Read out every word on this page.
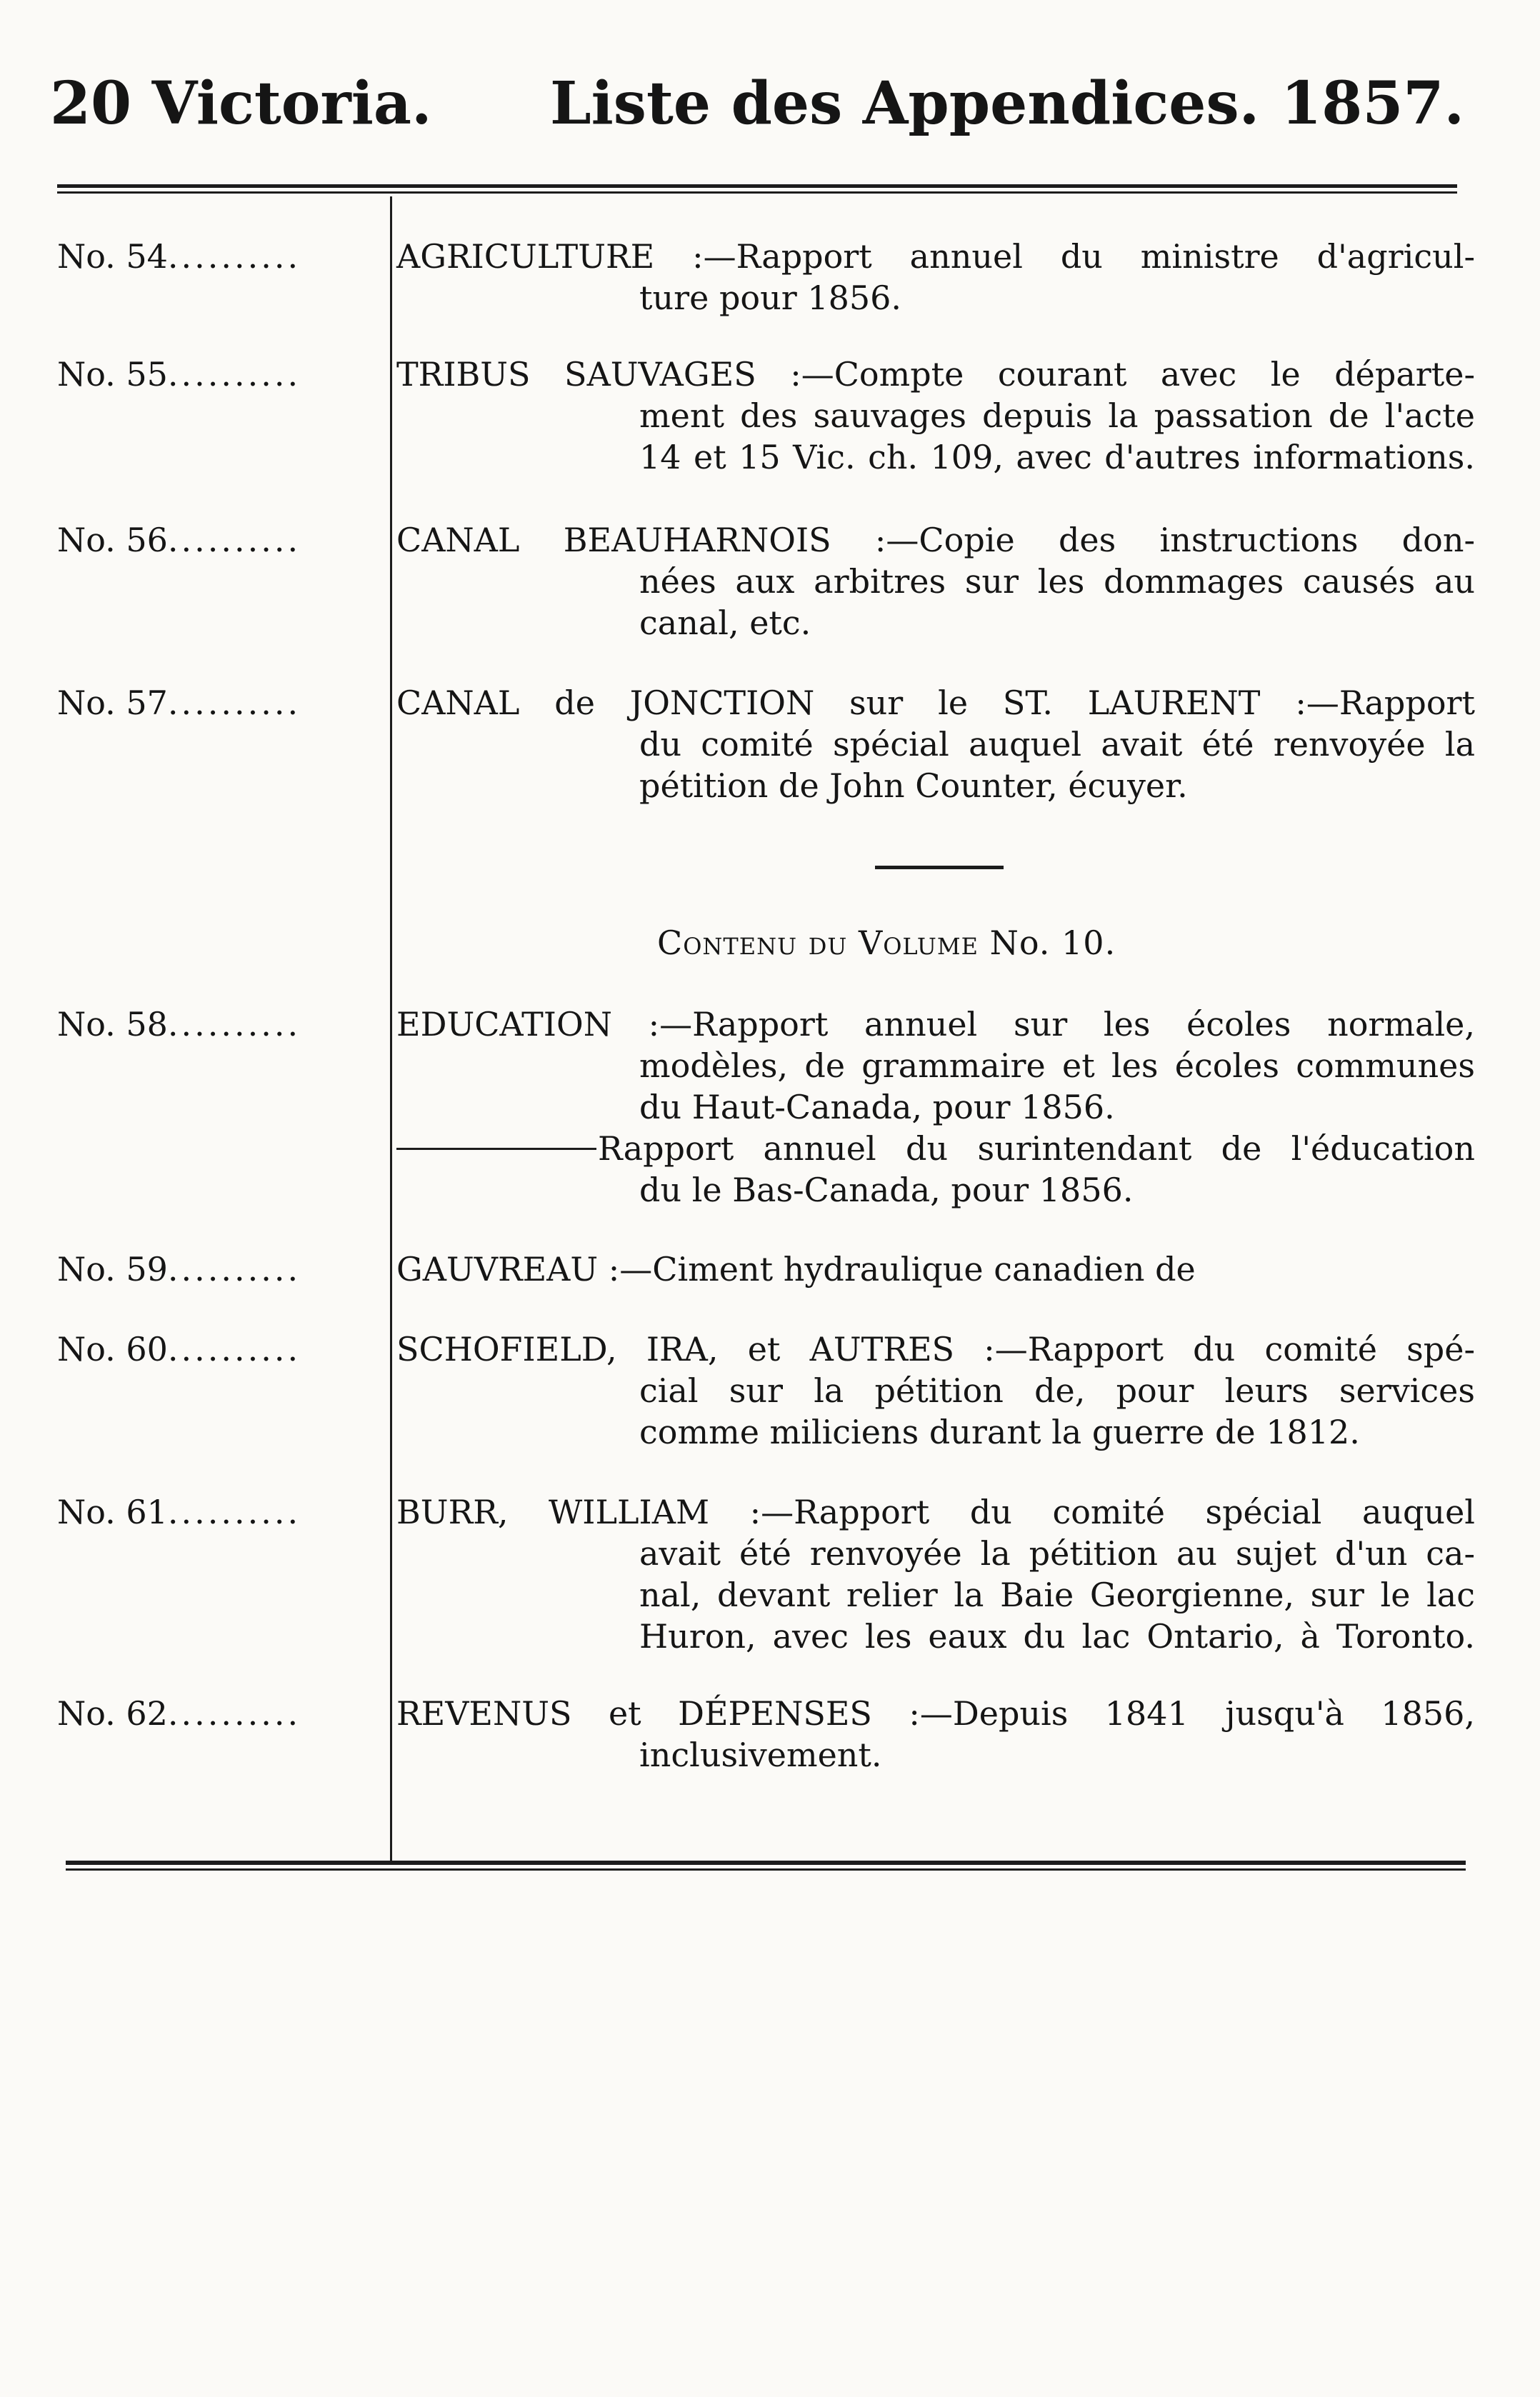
20 Victoria. Liste des Appendices. 1857.
No. 54..........	AGRICULTURE :—Rapport annuel du ministre d'agricul-
ture pour 1856.
No. 55..........	TRIBUS SAUVAGES :—Compte courant avec le départe-
ment des sauvages depuis la passation de l'acte
14 et 15 Vic. ch. 109, avec d'autres informations.
No. 56..........	CANAL BEAUHARNOIS :—Copie des instructions don-
nées aux arbitres sur les dommages causés au
canal, etc.
No. 57..........	CANAL de JONCTION sur le ST. LAURENT :—Rapport
du comité spécial auquel avait été renvoyée la
pétition de John Counter, écuyer.
Contenu du Volume No. 10.
No. 58..........	EDUCATION :—Rapport annuel sur les écoles normale,
modèles, de grammaire et les écoles communes
du Haut-Canada, pour 1856.
Rapport annuel du surintendant de l'éducation
du le Bas-Canada, pour 1856.
No. 59..........	GAUVREAU :—Ciment hydraulique canadien de
No. 60..........	SCHOFIELD, IRA, et AUTRES :—Rapport du comité spé-
cial sur la pétition de, pour leurs services
comme miliciens durant la guerre de 1812.
No. 61..........	BURR, WILLIAM :—Rapport du comité spécial auquel
avait été renvoyée la pétition au sujet d'un ca-
nal, devant relier la Baie Georgienne, sur le lac
Huron, avec les eaux du lac Ontario, à Toronto.
No. 62..........	REVENUS et DÉPENSES :—Depuis 1841 jusqu'à 1856,
inclusivement.
